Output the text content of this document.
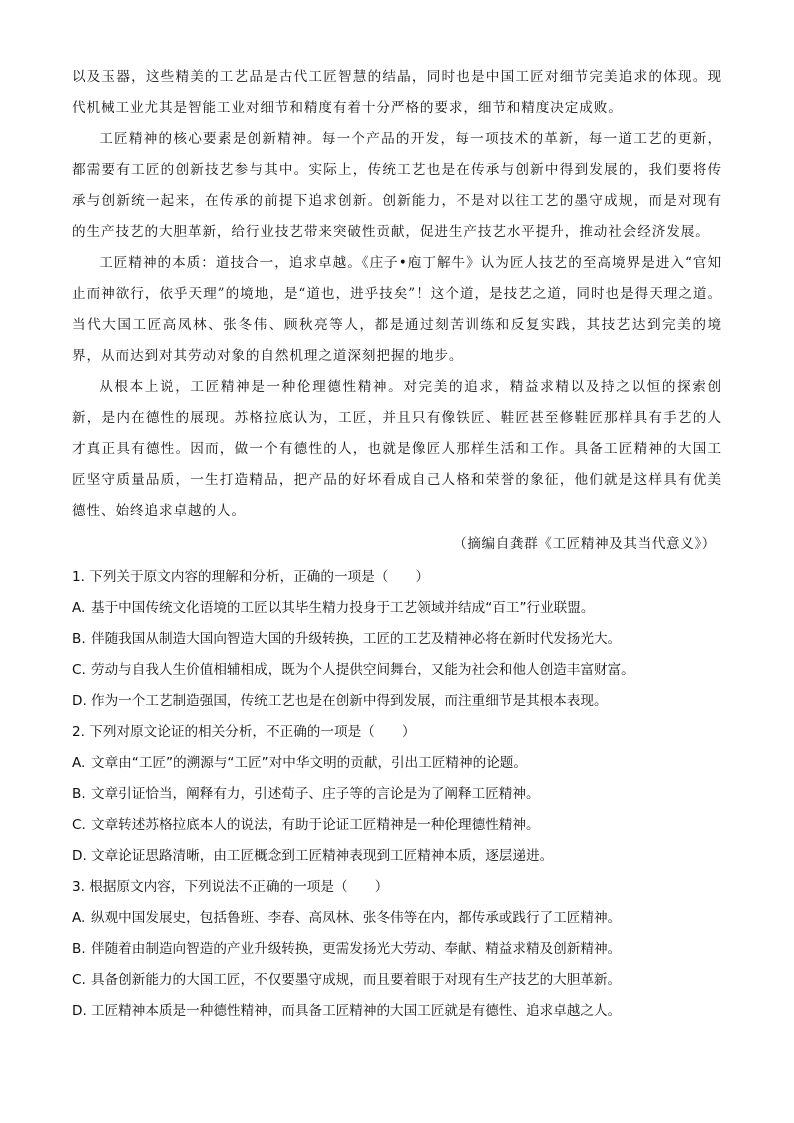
以及玉器，这些精美的工艺品是古代工匠智慧的结晶，同时也是中国工匠对细节完美追求的体现。现代机械工业尤其是智能工业对细节和精度有着十分严格的要求，细节和精度决定成败。

工匠精神的核心要素是创新精神。每一个产品的开发，每一项技术的革新，每一道工艺的更新，都需要有工匠的创新技艺参与其中。实际上，传统工艺也是在传承与创新中得到发展的，我们要将传承与创新统一起来，在传承的前提下追求创新。创新能力，不是对以往工艺的墨守成规，而是对现有的生产技艺的大胆革新，给行业技艺带来突破性贡献，促进生产技艺水平提升，推动社会经济发展。

工匠精神的本质：道技合一，追求卓越。《庄子•庖丁解牛》认为匠人技艺的至高境界是进入“官知止而神欲行，依乎天理”的境地，是“道也，进乎技矣”！这个道，是技艺之道，同时也是得天理之道。当代大国工匠高凤林、张冬伟、顾秋亮等人，都是通过刻苦训练和反复实践，其技艺达到完美的境界，从而达到对其劳动对象的自然机理之道深刻把握的地步。

从根本上说，工匠精神是一种伦理德性精神。对完美的追求，精益求精以及持之以恒的探索创新，是内在德性的展现。苏格拉底认为，工匠，并且只有像铁匠、鞋匠甚至修鞋匠那样具有手艺的人才真正具有德性。因而，做一个有德性的人，也就是像匠人那样生活和工作。具备工匠精神的大国工匠坚守质量品质，一生打造精品，把产品的好坏看成自己人格和荣誉的象征，他们就是这样具有优美德性、始终追求卓越的人。

（摘编自龚群《工匠精神及其当代意义》）

1. 下列关于原文内容的理解和分析，正确的一项是（　　）

A. 基于中国传统文化语境的工匠以其毕生精力投身于工艺领域并结成“百工”行业联盟。

B. 伴随我国从制造大国向智造大国的升级转换，工匠的工艺及精神必将在新时代发扬光大。

C. 劳动与自我人生价值相辅相成，既为个人提供空间舞台，又能为社会和他人创造丰富财富。

D. 作为一个工艺制造强国，传统工艺也是在创新中得到发展，而注重细节是其根本表现。

2. 下列对原文论证的相关分析，不正确的一项是（　　）

A. 文章由“工匠”的溯源与“工匠”对中华文明的贡献，引出工匠精神的论题。

B. 文章引证恰当，阐释有力，引述荀子、庄子等的言论是为了阐释工匠精神。

C. 文章转述苏格拉底本人的说法，有助于论证工匠精神是一种伦理德性精神。

D. 文章论证思路清晰，由工匠概念到工匠精神表现到工匠精神本质，逐层递进。

3. 根据原文内容，下列说法不正确的一项是（　　）

A. 纵观中国发展史，包括鲁班、李春、高凤林、张冬伟等在内，都传承或践行了工匠精神。

B. 伴随着由制造向智造的产业升级转换，更需发扬光大劳动、奉献、精益求精及创新精神。

C. 具备创新能力的大国工匠，不仅要墨守成规，而且要着眼于对现有生产技艺的大胆革新。

D. 工匠精神本质是一种德性精神，而具备工匠精神的大国工匠就是有德性、追求卓越之人。
